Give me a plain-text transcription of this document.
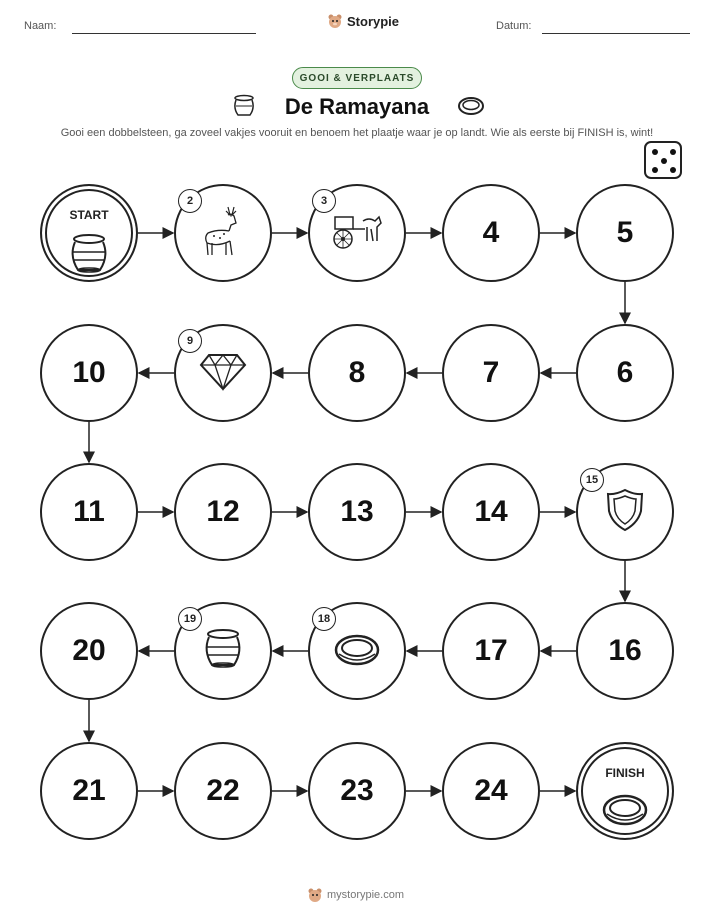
Naam:	Storypie	Datum:
GOOI & VERPLAATS
De Ramayana
Gooi een dobbelsteen, ga zoveel vakjes vooruit en benoem het plaatje waar je op landt. Wie als eerste bij FINISH is, wint!
START
2	3
4	5
6
7
8
9
10
11	12	13	14
15
16
17
18
19
20
21	22	23	24
FINISH
mystorypie.com
